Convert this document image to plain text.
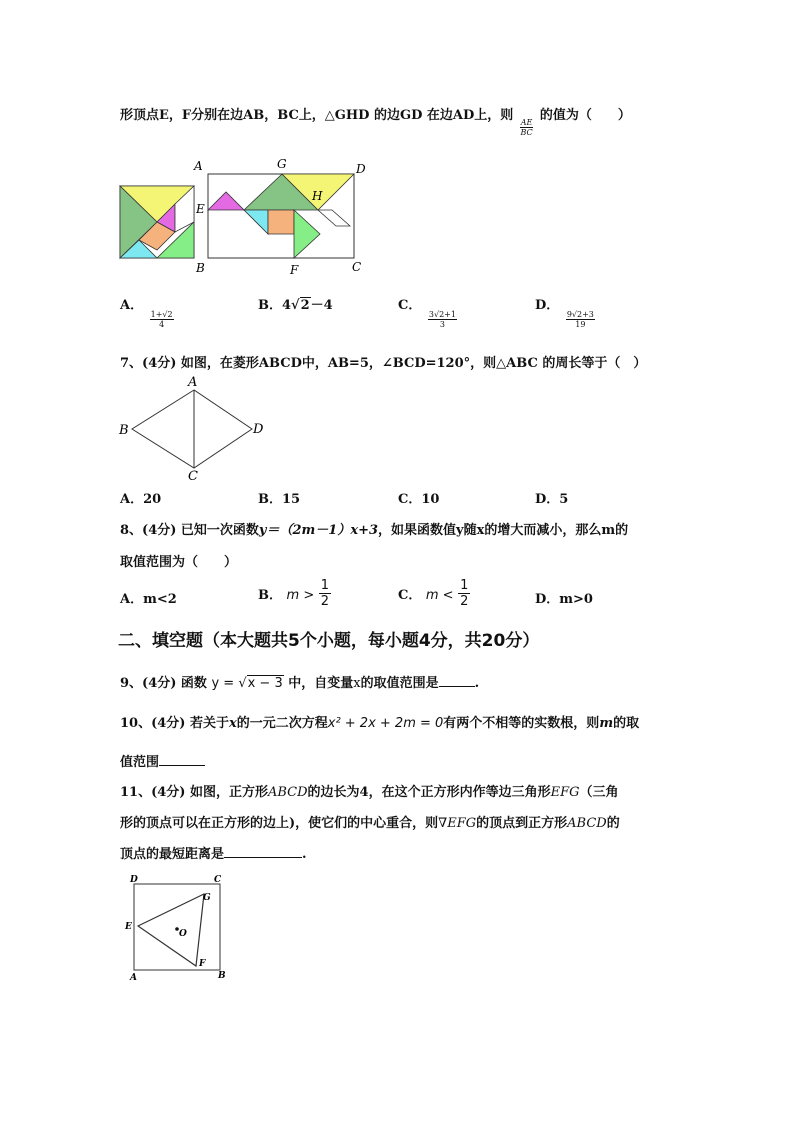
形顶点E，F分别在边AB，BC上，△GHD 的边GD 在边AD上，则
$\frac{AE}{BC}$
的值为（　　）
A	G	D
E
H
B	F	C
A．
$\frac{1+√2}{4}$
B．4√2－4	C．
$\frac{3√2+1}{3}$
D．
$\frac{9√2+3}{19}$
7、(4分) 如图，在菱形ABCD中，AB=5，∠BCD=120°，则△ABC 的周长等于（　）
A
B
C
D
A．20	B．15	C．10	D．5
8、(4分) 已知一次函数y＝（2m－1）x+3，如果函数值y随x的增大而减小，那么m的
取值范围为（　　）
A．m<2	B． $m > \frac{1}{2}$	C． $m < \frac{1}{2}$	D．m>0
二、填空题（本大题共5个小题，每小题4分，共20分）
9、(4分) 函数 y = √x − 3 中，自变量x的取值范围是	.
10、(4分) 若关于x的一元二次方程x² + 2x + 2m = 0有两个不相等的实数根，则m的取
值范围
11、(4分) 如图，正方形ABCD的边长为4，在这个正方形内作等边三角形EFG（三角
形的顶点可以在正方形的边上)，使它们的中心重合，则∇EFG的顶点到正方形ABCD的
顶点的最短距离是	.
D	C
G
E
O
F
A	B
